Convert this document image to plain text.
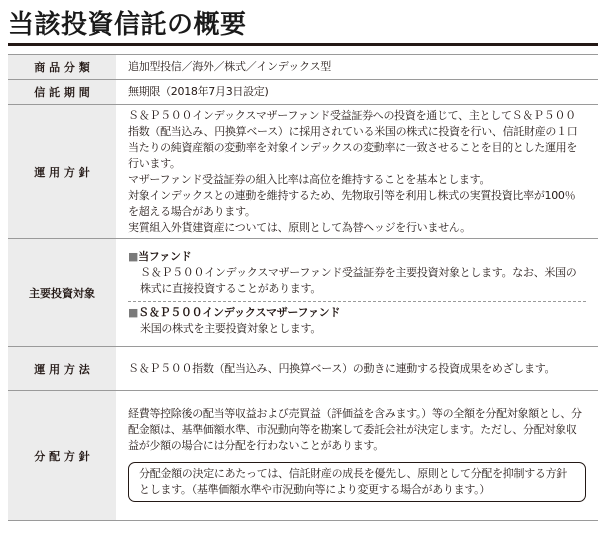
当該投資信託の概要
商 品 分 類	追加型投信／海外／株式／インデックス型
信 託 期 間	無期限（2018年7月3日設定)
運 用 方 針	Ｓ＆Ｐ５００インデックスマザーファンド受益証券への投資を通じて、主としてＳ＆Ｐ５００指数（配当込み、円換算ベース）に採用されている米国の株式に投資を行い、信託財産の１口当たりの純資産額の変動率を対象インデックスの変動率に一致させることを目的とした運用を行います。

マザーファンド受益証券の組入比率は高位を維持することを基本とします。

対象インデックスとの連動を維持するため、先物取引等を利用し株式の実質投資比率が100％を超える場合があります。

実質組入外貨建資産については、原則として為替ヘッジを行いません。

主要投資対象	■当ファンド

Ｓ＆Ｐ５００インデックスマザーファンド受益証券を主要投資対象とします。なお、米国の株式に直接投資することがあります。

■Ｓ＆Ｐ５００インデックスマザーファンド

米国の株式を主要投資対象とします。

運 用 方 法	Ｓ＆Ｐ５００指数（配当込み、円換算ベース）の動きに連動する投資成果をめざします。
分 配 方 針	経費等控除後の配当等収益および売買益（評価益を含みます。）等の全額を分配対象額とし、分配金額は、基準価額水準、市況動向等を勘案して委託会社が決定します。ただし、分配対象収益が少額の場合には分配を行わないことがあります。

分配金額の決定にあたっては、信託財産の成長を優先し、原則として分配を抑制する方針とします。（基準価額水準や市況動向等により変更する場合があります。）
